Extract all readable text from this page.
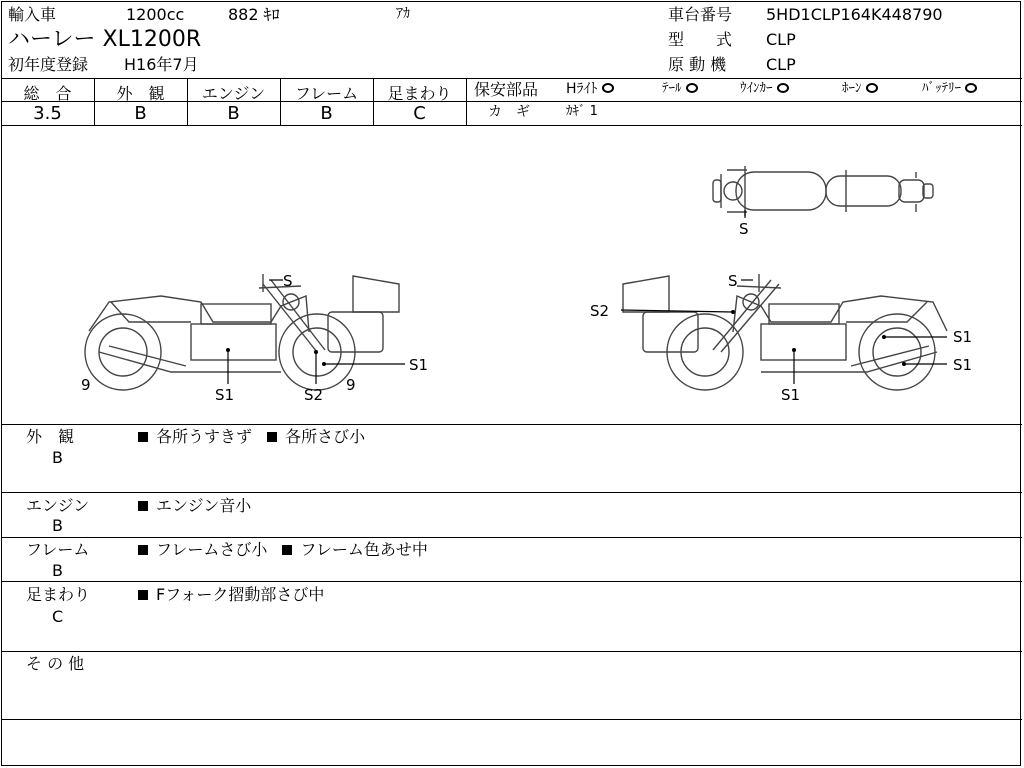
輸入車	1200cc	882 ｷﾛ	ｱｶ
ハーレー XL1200R
初年度登録 H16年7月
車台番号 5HD1CLP164K448790
型　　式 CLP
原 動 機 CLP
総　合	外　観	エンジン	フレーム	足まわり
3.5	B	B	B	C
保安部品 Hﾗｲﾄ	ﾃｰﾙ	ｳｲﾝｶｰ	ﾎｰﾝ	ﾊﾞｯﾃﾘｰ
カ　ギ	ｶｷﾞ 1
S
S
9
S1	S2
9
S1
S
S2
S1
S1
S1
外　観
B
各所うすきず 各所さび小
エンジン
B
エンジン音小
フレーム
B
フレームさび小 フレーム色あせ中
足まわり
C
Fフォーク摺動部さび中
そ の 他
